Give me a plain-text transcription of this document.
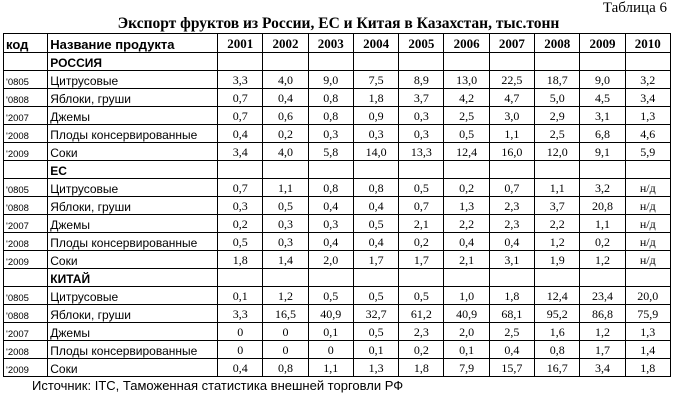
Таблица 6
Экспорт фруктов из России, ЕС и Китая в Казахстан, тыс.тонн
код	Название продукта	2001	2002	2003	2004	2005	2006	2007	2008	2009	2010
	РОССИЯ										
'0805	Цитрусовые	3,3	4,0	9,0	7,5	8,9	13,0	22,5	18,7	9,0	3,2
'0808	Яблоки, груши	0,7	0,4	0,8	1,8	3,7	4,2	4,7	5,0	4,5	3,4
'2007	Джемы	0,7	0,6	0,8	0,9	0,3	2,5	3,0	2,9	3,1	1,3
'2008	Плоды консервированные	0,4	0,2	0,3	0,3	0,3	0,5	1,1	2,5	6,8	4,6
'2009	Соки	3,4	4,0	5,8	14,0	13,3	12,4	16,0	12,0	9,1	5,9
	ЕС										
'0805	Цитрусовые	0,7	1,1	0,8	0,8	0,5	0,2	0,7	1,1	3,2	н/д
'0808	Яблоки, груши	0,3	0,5	0,4	0,4	0,7	1,3	2,3	3,7	20,8	н/д
'2007	Джемы	0,2	0,3	0,3	0,5	2,1	2,2	2,3	2,2	1,1	н/д
'2008	Плоды консервированные	0,5	0,3	0,4	0,4	0,2	0,4	0,4	1,2	0,2	н/д
'2009	Соки	1,8	1,4	2,0	1,7	1,7	2,1	3,1	1,9	1,2	н/д
	КИТАЙ										
'0805	Цитрусовые	0,1	1,2	0,5	0,5	0,5	1,0	1,8	12,4	23,4	20,0
'0808	Яблоки, груши	3,3	16,5	40,9	32,7	61,2	40,9	68,1	95,2	86,8	75,9
'2007	Джемы	0	0	0,1	0,5	2,3	2,0	2,5	1,6	1,2	1,3
'2008	Плоды консервированные	0	0	0	0,1	0,2	0,1	0,4	0,8	1,7	1,4
'2009	Соки	0,4	0,8	1,1	1,3	1,8	7,9	15,7	16,7	3,4	1,8
Источник: ITC, Таможенная статистика внешней торговли РФ
